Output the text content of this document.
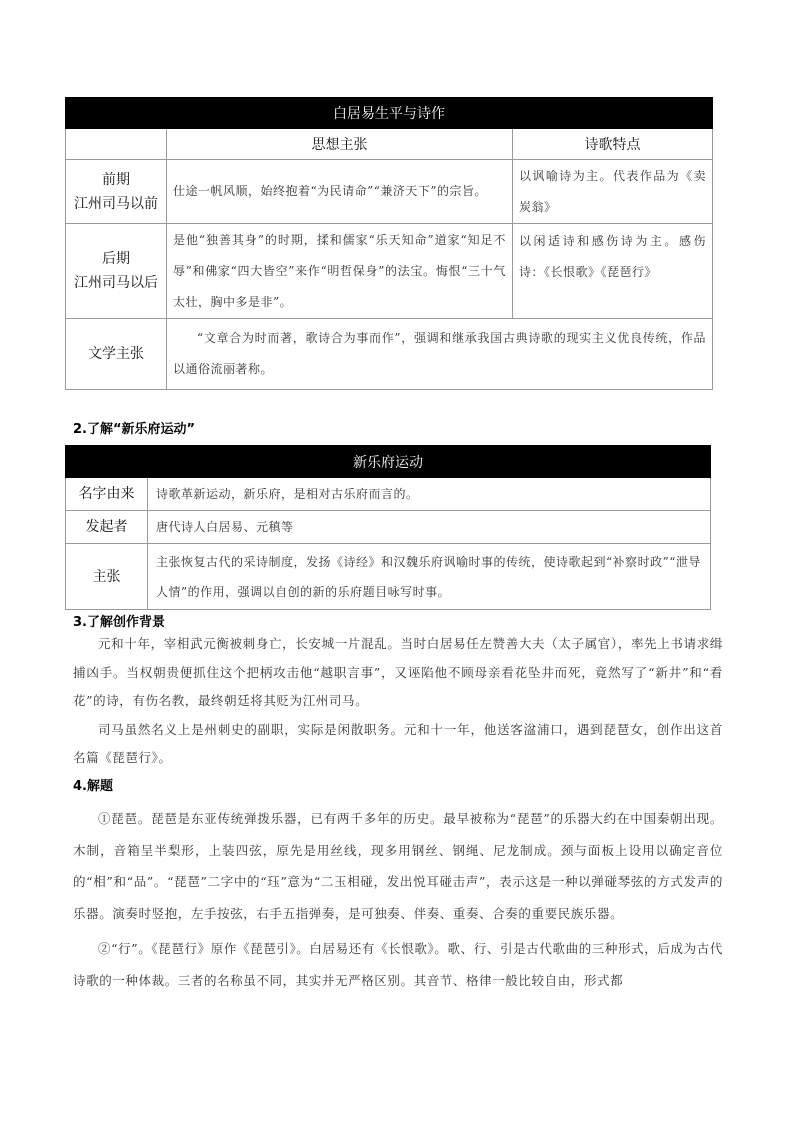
白居易生平与诗作		
	思想主张	诗歌特点

前期
江州司马以前	仕途一帆风顺，始终抱着“为民请命”“兼济天下”的宗旨。	以讽喻诗为主。代表作品为《卖炭翁》

后期
江州司马以后	是他“独善其身”的时期，揉和儒家“乐天知命”道家“知足不辱”和佛家“四大皆空”来作“明哲保身”的法宝。悔恨“三十气太壮，胸中多是非”。	以闲适诗和感伤诗为主。感伤诗：《长恨歌》《琵琶行》
文学主张	“文章合为时而著，歌诗合为事而作”，强调和继承我国古典诗歌的现实主义优良传统，作品以通俗流丽著称。	
2.了解“新乐府运动”
新乐府运动	
名字由来	诗歌革新运动，新乐府，是相对古乐府而言的。
发起者	唐代诗人白居易、元稹等
主张	主张恢复古代的采诗制度，发扬《诗经》和汉魏乐府讽喻时事的传统，使诗歌起到“补察时政”“泄导人情”的作用，强调以自创的新的乐府题目咏写时事。
3.了解创作背景

元和十年，宰相武元衡被刺身亡，长安城一片混乱。当时白居易任左赞善大夫（太子属官），率先上书请求缉捕凶手。当权朝贵便抓住这个把柄攻击他“越职言事”，又诬陷他不顾母亲看花坠井而死，竟然写了“新井”和“看花”的诗，有伤名教，最终朝廷将其贬为江州司马。

司马虽然名义上是州刺史的副职，实际是闲散职务。元和十一年，他送客湓浦口，遇到琵琶女，创作出这首名篇《琵琶行》。

4.解题

①琵琶。琵琶是东亚传统弹拨乐器，已有两千多年的历史。最早被称为“琵琶”的乐器大约在中国秦朝出现。木制，音箱呈半梨形，上装四弦，原先是用丝线，现多用钢丝、钢绳、尼龙制成。颈与面板上设用以确定音位的“相”和“品”。“琵琶”二字中的“珏”意为“二玉相碰，发出悦耳碰击声”，表示这是一种以弹碰琴弦的方式发声的乐器。演奏时竖抱，左手按弦，右手五指弹奏，是可独奏、伴奏、重奏、合奏的重要民族乐器。

②“行”。《琵琶行》原作《琵琶引》。白居易还有《长恨歌》。歌、行、引是古代歌曲的三种形式，后成为古代诗歌的一种体裁。三者的名称虽不同，其实并无严格区别。其音节、格律一般比较自由，形式都
